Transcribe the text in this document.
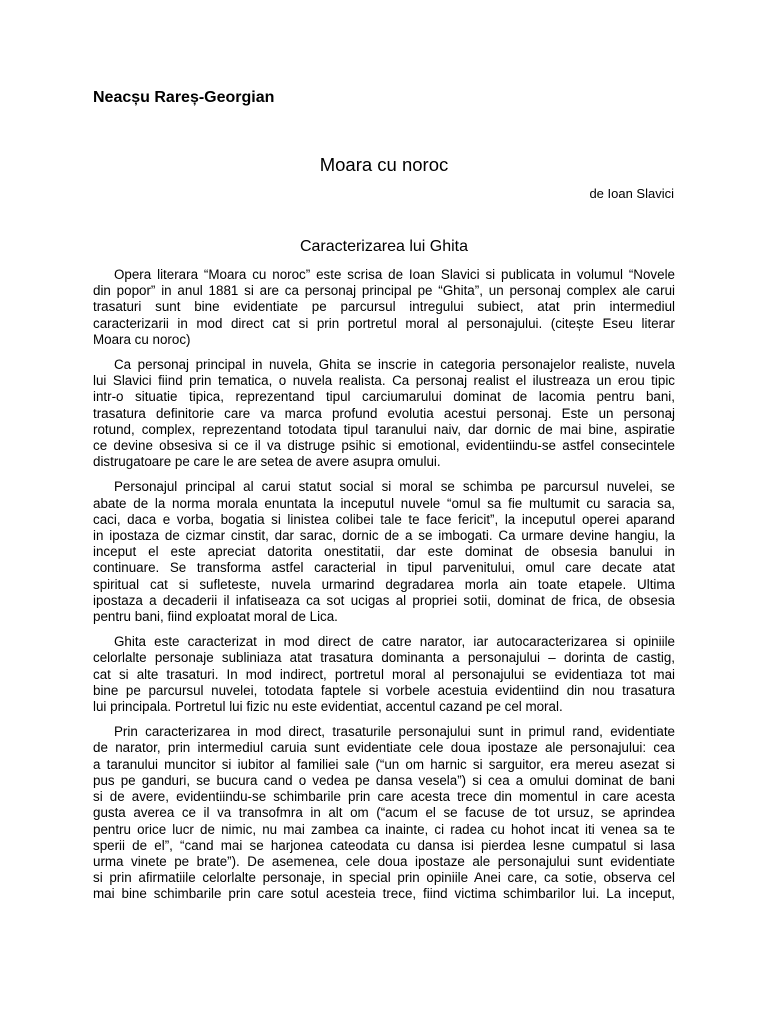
Neacșu Rareș-Georgian
Moara cu noroc
de Ioan Slavici
Caracterizarea lui Ghita
Opera literara “Moara cu noroc” este scrisa de Ioan Slavici si publicata in volumul “Novele
din popor” in anul 1881 si are ca personaj principal pe “Ghita”, un personaj complex ale carui
trasaturi sunt bine evidentiate pe parcursul intregului subiect, atat prin intermediul
caracterizarii in mod direct cat si prin portretul moral al personajului. (citește Eseu literar
Moara cu noroc)
Ca personaj principal in nuvela, Ghita se inscrie in categoria personajelor realiste, nuvela
lui Slavici fiind prin tematica, o nuvela realista. Ca personaj realist el ilustreaza un erou tipic
intr-o situatie tipica, reprezentand tipul carciumarului dominat de lacomia pentru bani,
trasatura definitorie care va marca profund evolutia acestui personaj. Este un personaj
rotund, complex, reprezentand totodata tipul taranului naiv, dar dornic de mai bine, aspiratie
ce devine obsesiva si ce il va distruge psihic si emotional, evidentiindu-se astfel consecintele
distrugatoare pe care le are setea de avere asupra omului.
Personajul principal al carui statut social si moral se schimba pe parcursul nuvelei, se
abate de la norma morala enuntata la inceputul nuvele “omul sa fie multumit cu saracia sa,
caci, daca e vorba, bogatia si linistea colibei tale te face fericit”, la inceputul operei aparand
in ipostaza de cizmar cinstit, dar sarac, dornic de a se imbogati. Ca urmare devine hangiu, la
inceput el este apreciat datorita onestitatii, dar este dominat de obsesia banului in
continuare. Se transforma astfel caracterial in tipul parvenitului, omul care decate atat
spiritual cat si sufleteste, nuvela urmarind degradarea morla ain toate etapele. Ultima
ipostaza a decaderii il infatiseaza ca sot ucigas al propriei sotii, dominat de frica, de obsesia
pentru bani, fiind exploatat moral de Lica.
Ghita este caracterizat in mod direct de catre narator, iar autocaracterizarea si opiniile
celorlalte personaje subliniaza atat trasatura dominanta a personajului – dorinta de castig,
cat si alte trasaturi. In mod indirect, portretul moral al personajului se evidentiaza tot mai
bine pe parcursul nuvelei, totodata faptele si vorbele acestuia evidentiind din nou trasatura
lui principala. Portretul lui fizic nu este evidentiat, accentul cazand pe cel moral.
Prin caracterizarea in mod direct, trasaturile personajului sunt in primul rand, evidentiate
de narator, prin intermediul caruia sunt evidentiate cele doua ipostaze ale personajului: cea
a taranului muncitor si iubitor al familiei sale (“un om harnic si sarguitor, era mereu asezat si
pus pe ganduri, se bucura cand o vedea pe dansa vesela”) si cea a omului dominat de bani
si de avere, evidentiindu-se schimbarile prin care acesta trece din momentul in care acesta
gusta averea ce il va transofmra in alt om (“acum el se facuse de tot ursuz, se aprindea
pentru orice lucr de nimic, nu mai zambea ca inainte, ci radea cu hohot incat iti venea sa te
sperii de el”, “cand mai se harjonea cateodata cu dansa isi pierdea lesne cumpatul si lasa
urma vinete pe brate”). De asemenea, cele doua ipostaze ale personajului sunt evidentiate
si prin afirmatiile celorlalte personaje, in special prin opiniile Anei care, ca sotie, observa cel
mai bine schimbarile prin care sotul acesteia trece, fiind victima schimbarilor lui. La inceput,
